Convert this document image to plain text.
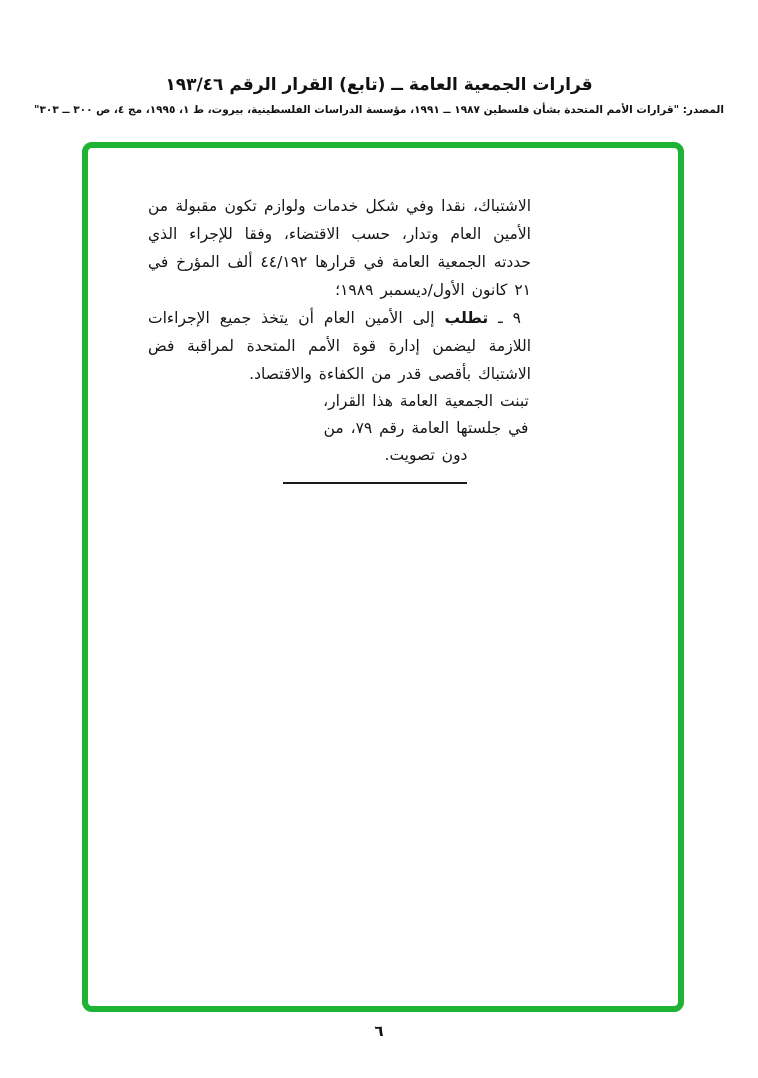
قرارات الجمعية العامة ــ (تابع) القرار الرقم ١٩٣/٤٦
المصدر: "قرارات الأمم المتحدة بشأن فلسطين ١٩٨٧ ــ ١٩٩١، مؤسسة الدراسات الفلسطينية، بيروت، ط ١، ١٩٩٥، مج ٤، ص ٣٠٠ ــ ٣٠٣"

الاشتباك، نقدا وفي شكل خدمات ولوازم تكون مقبولة من الأمين العام وتدار، حسب الاقتضاء، وفقا للإجراء الذي حددته الجمعية العامة في قرارها ٤٤/١٩٢ ألف المؤرخ في ٢١ كانون الأول/ديسمبر ١٩٨٩؛

٩ ـ تطلب إلى الأمين العام أن يتخذ جميع الإجراءات اللازمة ليضمن إدارة قوة الأمم المتحدة لمراقبة فض الاشتباك بأقصى قدر من الكفاءة والاقتصاد.

تبنت الجمعية العامة هذا القرار، في جلستها العامة رقم ٧٩، من دون تصويت.

٦
